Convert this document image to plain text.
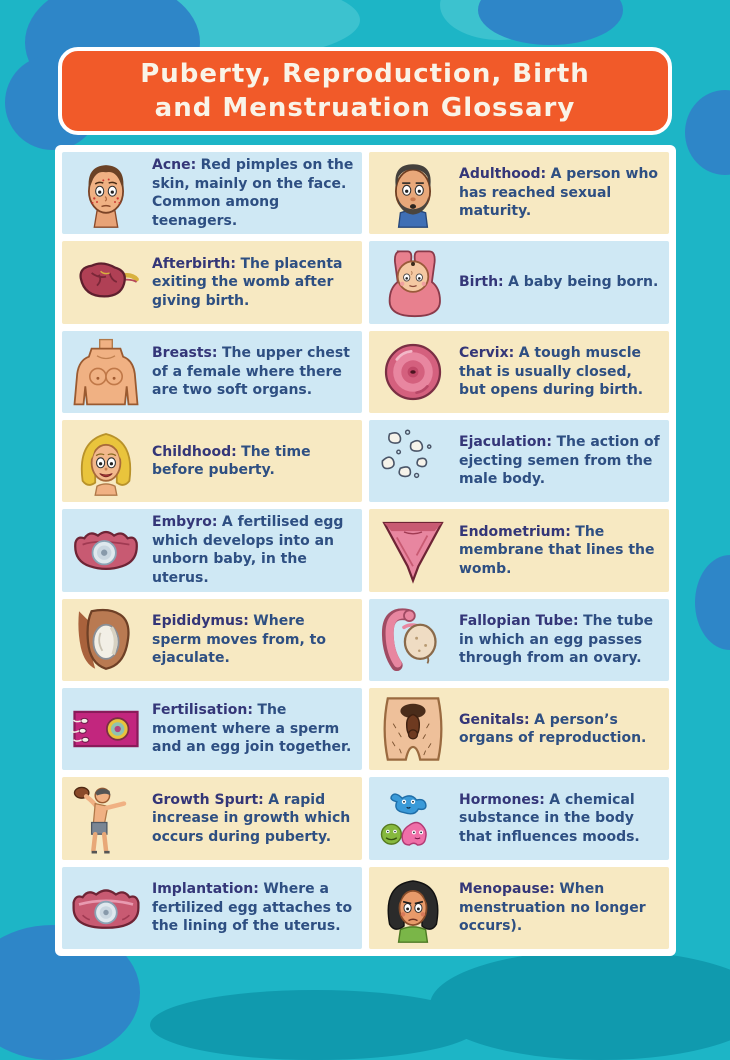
Puberty, Reproduction, Birth
and Menstruation Glossary

Acne: Red pimples on the skin, mainly on the face. Common among teenagers.

Adulthood: A person who has reached sexual maturity.

Afterbirth: The placenta exiting the womb after giving birth.

Birth: A baby being born.

Breasts: The upper chest of a female where there are two soft organs.

Cervix: A tough muscle that is usually closed, but opens during birth.

Childhood: The time before puberty.

Ejaculation: The action of ejecting semen from the male body.

Embyro: A fertilised egg which develops into an unborn baby, in the uterus.

Endometrium: The membrane that lines the womb.

Epididymus: Where sperm moves from, to ejaculate.

Fallopian Tube: The tube in which an egg passes through from an ovary.

Fertilisation: The moment where a sperm and an egg join together.

Genitals: A person’s organs of reproduction.

Growth Spurt: A rapid increase in growth which occurs during puberty.

Hormones: A chemical substance in the body that influences moods.

Implantation: Where a fertilized egg attaches to the lining of the uterus.

Menopause: When menstruation no longer occurs).
